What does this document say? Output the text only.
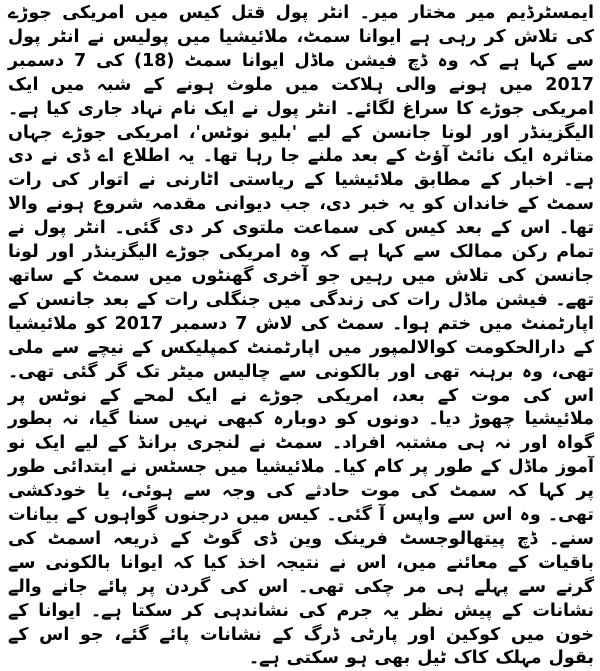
ایمسٹرڈیم میر مختار میر۔ انٹر پول قتل کیس میں امریکی جوڑے کی تلاش کر رہی ہے ایوانا سمٹ، ملائیشیا میں پولیس نے انٹر پول سے کہا ہے کہ وہ ڈچ فیشن ماڈل ایوانا سمٹ (18) کی 7 دسمبر 2017 میں ہونے والی ہلاکت میں ملوث ہونے کے شبہ میں ایک امریکی جوڑے کا سراغ لگائے۔ انٹر پول نے ایک نام نہاد جاری کیا ہے۔ الیگزینڈر اور لونا جانسن کے لیے 'بلیو نوٹس'، امریکی جوڑے جہاں متاثرہ ایک نائٹ آؤٹ کے بعد ملنے جا رہا تھا۔ یہ اطلاع اے ڈی نے دی ہے۔ اخبار کے مطابق ملائیشیا کے ریاستی اٹارنی نے اتوار کی رات سمٹ کے خاندان کو یہ خبر دی، جب دیوانی مقدمہ شروع ہونے والا تھا۔ اس کے بعد کیس کی سماعت ملتوی کر دی گئی۔ انٹر پول نے تمام رکن ممالک سے کہا ہے کہ وہ امریکی جوڑے الیگزینڈر اور لونا جانسن کی تلاش میں رہیں جو آخری گھنٹوں میں سمٹ کے ساتھ تھے۔ فیشن ماڈل رات کی زندگی میں جنگلی رات کے بعد جانسن کے اپارٹمنٹ میں ختم ہوا۔ سمٹ کی لاش 7 دسمبر 2017 کو ملائیشیا کے دارالحکومت کوالالمپور میں اپارٹمنٹ کمپلیکس کے نیچے سے ملی تھی، وہ برہنہ تھی اور بالکونی سے چالیس میٹر تک گر گئی تھی۔ اس کی موت کے بعد، امریکی جوڑے نے ایک لمحے کے نوٹس پر ملائیشیا چھوڑ دیا۔ دونوں کو دوبارہ کبھی نہیں سنا گیا، نہ بطور گواہ اور نہ ہی مشتبہ افراد۔ سمٹ نے لنجری برانڈ کے لیے ایک نو آموز ماڈل کے طور پر کام کیا۔ ملائیشیا میں جسٹس نے ابتدائی طور پر کہا کہ سمٹ کی موت حادثے کی وجہ سے ہوئی، یا خودکشی تھی۔ وہ اس سے واپس آ گئی۔ کیس میں درجنوں گواہوں کے بیانات سنے۔ ڈچ پیتھالوجسٹ فرینک وین ڈی گوٹ کے ذریعہ اسمٹ کی باقیات کے معائنے میں، اس نے نتیجہ اخذ کیا کہ ایوانا بالکونی سے گرنے سے پہلے ہی مر چکی تھی۔ اس کی گردن پر پائے جانے والے نشانات کے پیش نظر یہ جرم کی نشاندہی کر سکتا ہے۔ ایوانا کے خون میں کوکین اور پارٹی ڈرگ کے نشانات پائے گئے، جو اس کے بقول مہلک کاک ٹیل بھی ہو سکتی ہے۔
